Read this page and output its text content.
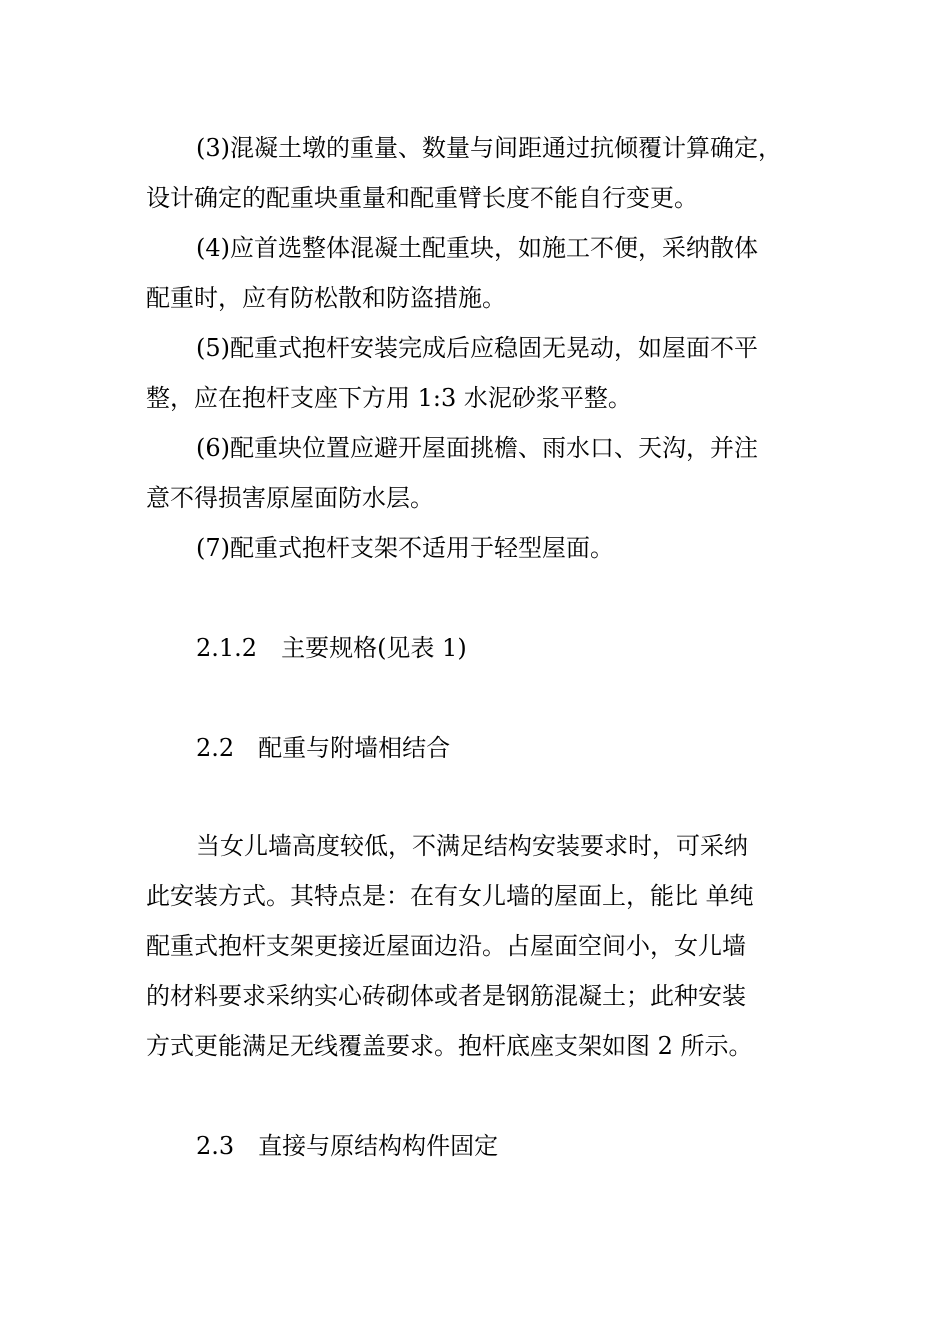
(3)混凝土墩的重量、数量与间距通过抗倾覆计算确定，
设计确定的配重块重量和配重臂长度不能自行变更。
(4)应首选整体混凝土配重块，如施工不便，采纳散体
配重时，应有防松散和防盗措施。
(5)配重式抱杆安装完成后应稳固无晃动，如屋面不平
整，应在抱杆支座下方用 1:3 水泥砂浆平整。
(6)配重块位置应避开屋面挑檐、雨水口、天沟，并注
意不得损害原屋面防水层。
(7)配重式抱杆支架不适用于轻型屋面。
2.1.2　主要规格(见表 1)
2.2　配重与附墙相结合
当女儿墙高度较低，不满足结构安装要求时，可采纳
此安装方式。其特点是：在有女儿墙的屋面上，能比 单纯
配重式抱杆支架更接近屋面边沿。占屋面空间小，女儿墙
的材料要求采纳实心砖砌体或者是钢筋混凝土；此种安装
方式更能满足无线覆盖要求。抱杆底座支架如图 2 所示。
2.3　直接与原结构构件固定
